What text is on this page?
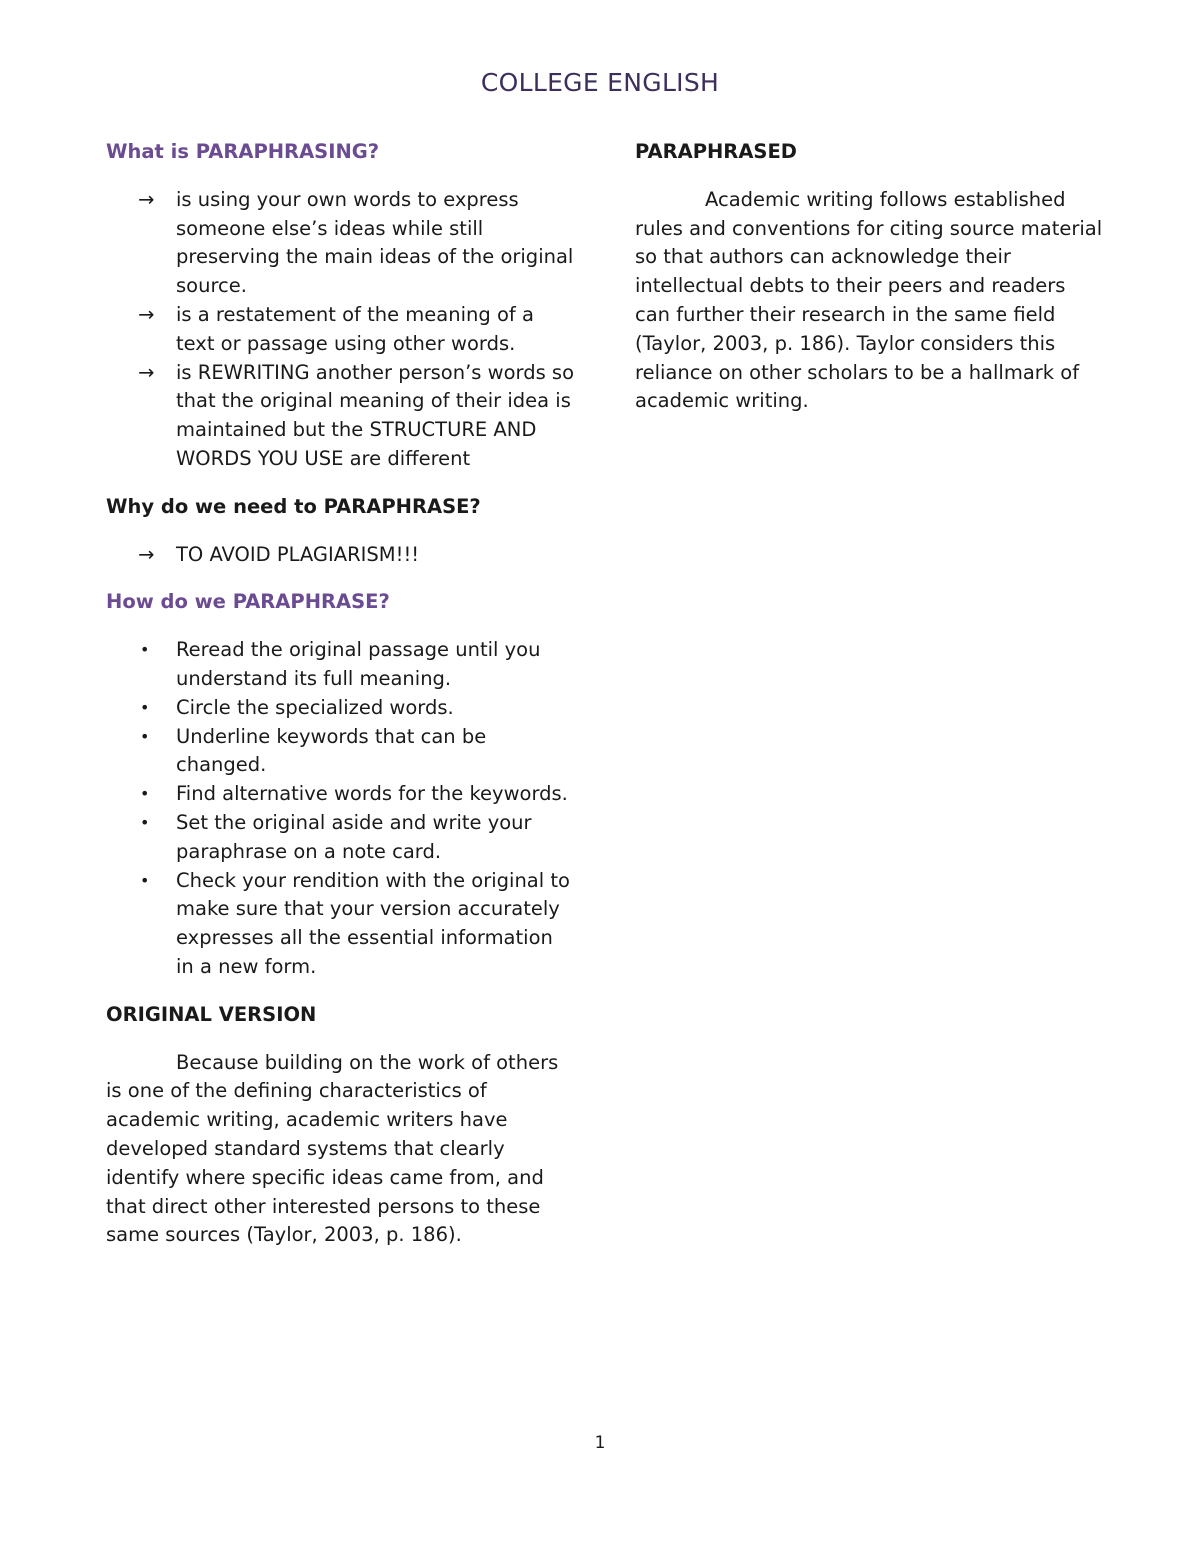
COLLEGE ENGLISH
What is PARAPHRASING?
→ is using your own words to express someone else’s ideas while still preserving the main ideas of the original source.
→ is a restatement of the meaning of a text or passage using other words.
→ is REWRITING another person’s words so that the original meaning of their idea is maintained but the STRUCTURE AND WORDS YOU USE are different
Why do we need to PARAPHRASE?
→ TO AVOID PLAGIARISM!!!
How do we PARAPHRASE?
• Reread the original passage until you understand its full meaning.
• Circle the specialized words.
• Underline keywords that can be changed.
• Find alternative words for the keywords.
• Set the original aside and write your paraphrase on a note card.
• Check your rendition with the original to make sure that your version accurately expresses all the essential information in a new form.
ORIGINAL VERSION

Because building on the work of others is one of the defining characteristics of academic writing, academic writers have developed standard systems that clearly identify where specific ideas came from, and that direct other interested persons to these same sources (Taylor, 2003, p. 186).

PARAPHRASED

Academic writing follows established rules and conventions for citing source material so that authors can acknowledge their intellectual debts to their peers and readers can further their research in the same field (Taylor, 2003, p. 186). Taylor considers this reliance on other scholars to be a hallmark of academic writing.

1
